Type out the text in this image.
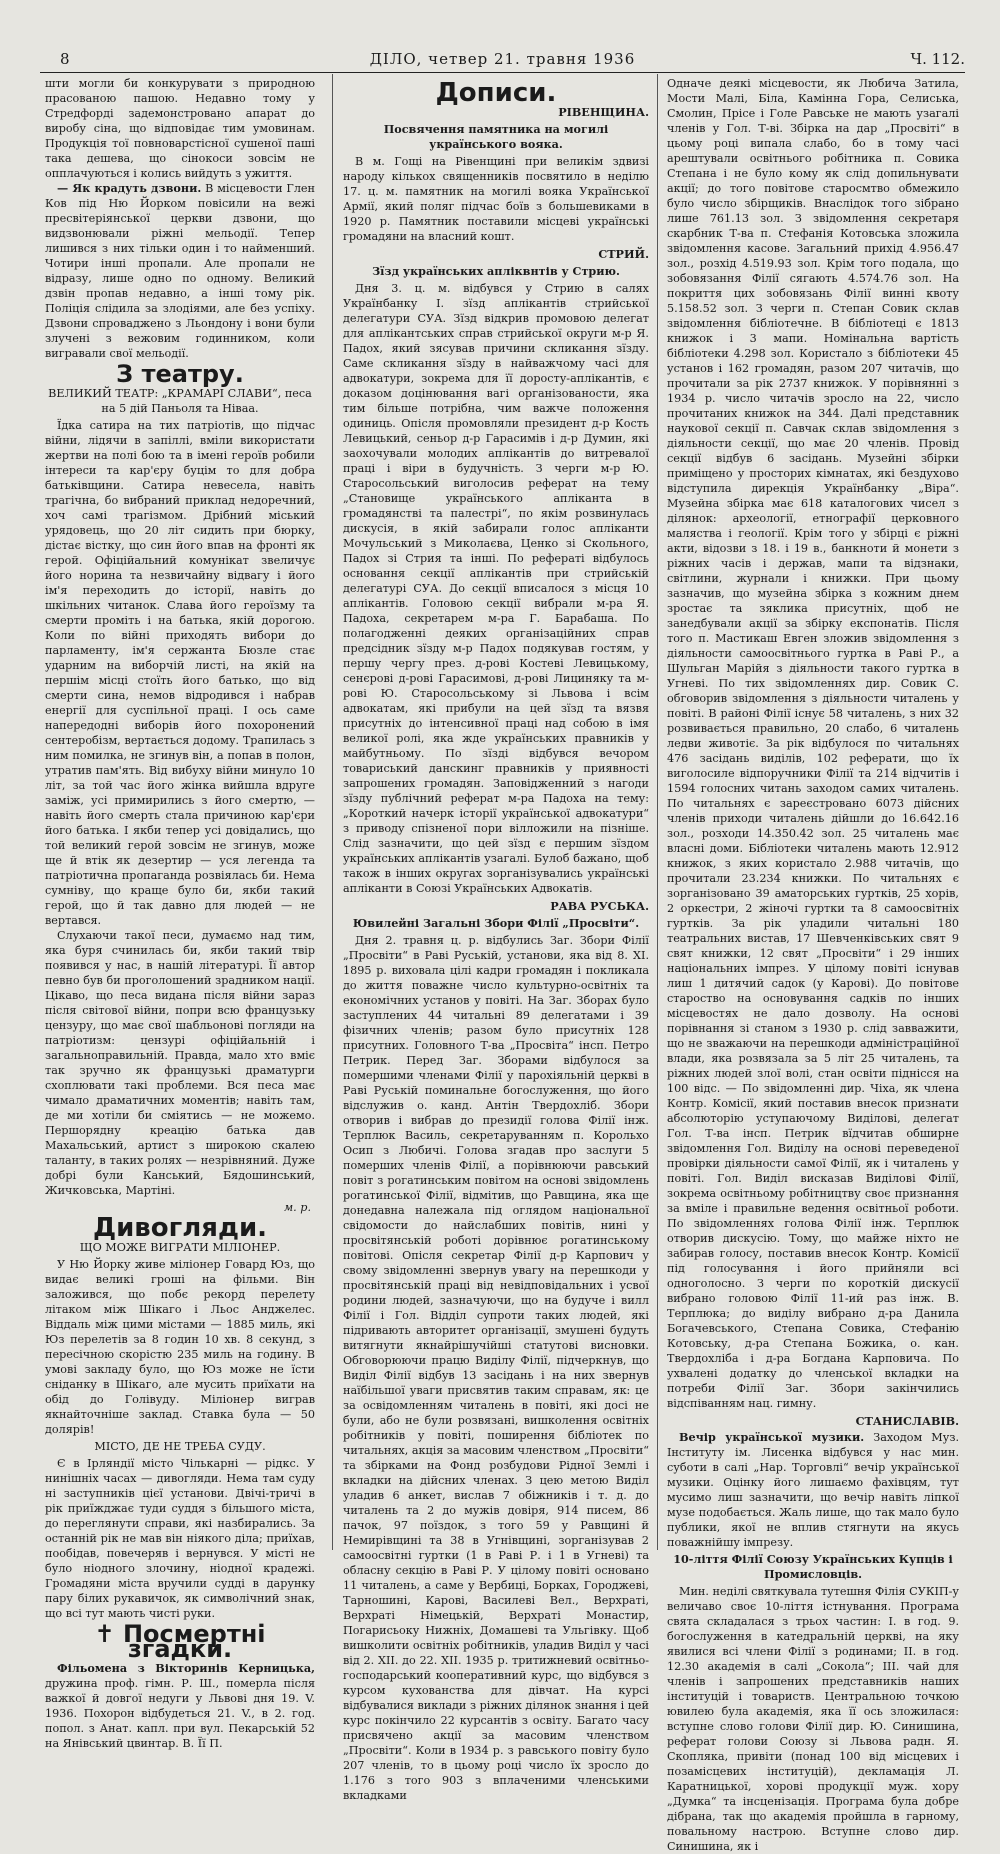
8	ДІЛО, четвер 21. травня 1936	Ч. 112.

шти могли би конкурувати з природною праcованою пашою. Недавно тому у Стредфорді задемонстровано апарат до виробу сіна, що відповідає тим умовинам. Продукція тої повноварстісної сушеної паші така дешева, що сінокоси зовсім не опплачуються і колись вийдуть з ужиття.

— Як крадуть дзвони. В місцевости Глен Ков під Ню Йорком повісили на вежі пресвітеріянської церкви дзвони, що видзвонювали ріжні мельодії. Тепер лишився з них тільки один і то найменший. Чотири інші пропали. Але пропали не відразу, лише одно по одному. Великий дзвін пропав недавно, а інші тому рік. Поліція слідила за злодіями, але без успіху. Дзвони спроваджено з Льондону і вони були злучені з вежовим годинником, коли вигравали свої мельодії.

З театру.
ВЕЛИКИЙ ТЕАТР: „КРАМАРІ СЛАВИ“, песа на 5 дій Паньоля та Ніваа.

Їдка сатира на тих патріотів, що підчас війни, лідячи в запіллі, вміли використати жертви на полі бою та в імені героїв робили інтереси та кар'єру буцім то для добра батьківщини. Сатира невесела, навіть трагічна, бо вибраний приклад недоречний, хоч самі трагізмом. Дрібний міський урядовець, що 20 літ сидить при бюрку, дістає вістку, що син його впав на фронті як герой. Офіційальний комунікат звеличує його норинa та незвичайну відвагу і його ім'я переходить до історії, навіть до шкільних читанок. Слава його героїзму та смерти проміть і на батька, якій дорогою. Коли по війні приходять вибори до парламенту, ім'я сержанта Бюзле стає ударним на виборчій листі, на якій на першім місці стоїть його батько, що від смерти сина, немов відродився і набрав енергії для суспільної праці. І ось саме напередодні виборів його похоронений сентеробізм, вертається додому. Трапилась з ним помилка, не згинув він, а попав в полон, утратив пам'ять. Від вибуху війни минуло 10 літ, за той час його жінка вийшла вдруге заміж, усі примирились з його смертю, — навіть його смерть стала причиною кар'єри його батька. І якби тепер усі довідались, що той великий герой зовсім не згинув, може ще й втік як дезертир — уся легенда та патріотична пропаганда розвіялась би. Нема сумніву, що краще було би, якби такий герой, що й так давно для людей — не вертався.

Слухаючи такої песи, думаємо над тим, яка буря счинилась би, якби такий твір появився у нас, в нашій літературі. Її автор певно був би проголошений зрадником нації. Цікаво, що песа видана після війни зараз після світової війни, попри всю французьку цензуру, що має свої шабльонові погляди на патріотизм: цензурі офіційальній і загальноправильній. Правда, мало хто вміє так зручно як французькі драматурги схоплювати такі проблеми. Вся песа має чимало драматичних моментів; навіть там, де ми хотіли би сміятись — не можемо. Першорядну креацію батька дав Махальський, артист з широкою скалею таланту, в таких ролях — незрівняний. Дуже добрі були Канський, Бядошинський, Жичковська, Мартіні.

м. р.
Дивогляди.
ЩО МОЖЕ ВИГРАТИ МІЛІОНЕР.

У Ню Йорку живе міліонер Говард Юз, що видає великі гроші на фільми. Він заложився, що побє рекорд перелету літаком між Шікаго і Льос Анджелес. Віддаль між цими містами — 1885 миль, які Юз перелетів за 8 годин 10 хв. 8 секунд, з пересічною скорістю 235 миль на годину. В умові закладу було, що Юз може не їсти сніданку в Шікаго, але мусить приїхати на обід до Голівуду. Міліонер виграв якнайточніше заклад. Ставка була — 50 долярів!

МІСТО, ДЕ НЕ ТРЕБА СУДУ.

Є в Ірляндії місто Чількарні — рідкс. У нинішніх часах — дивогляди. Нема там суду ні заступників цієї установи. Двічі-тричі в рік приїжджає туди суддя з більшого міста, до переглянути справи, які назбирались. За останній рік не мав він ніякого діла; приїхав, пообідав, повечеряв і вернувся. У місті не було ніодного злочину, ніодної крадежі. Громадяни міста вручили судді в дарунку пару білих рукавичок, як символічний знак, що всі тут мають чисті руки.

✝ Посмертні згадки.

Фільомена з Вікторинів Керницька, дружина проф. гімн. Р. Ш., померла після важкої й довгої недуги у Львові дня 19. V. 1936. Похорон відбудеться 21. V., в 2. год. попол. з Анат. капл. при вул. Пекарській 52 на Янівський цвинтар. В. Її П.

Дописи.
РІВЕНЩИНА.
Посвячення памятника на могилі українського вояка.

В м. Гощі на Рівенщині при великім здвизі народу кількох священників посвятило в неділю 17. ц. м. памятник на могилі вояка Української Армії, який поляг підчас боїв з большевиками в 1920 р. Памятник поставили місцеві українські громадяни на власний кошт.

СТРИЙ.
Зїзд українських апліквнтів у Стрию.

Дня 3. ц. м. відбувся у Стрию в салях Українбанку І. зїзд аплікантів стрийської делегатури СУА. Зїзд відкрив промовою делегат для аплікантських справ стрийської округи м-р Я. Падох, який зясував причини скликання зїзду. Саме скликання зїзду в найважчому часі для адвокатури, зокрема для її доросту-аплікантів, є доказом доцінювання вагі організованости, яка тим більше потрібна, чим важче положення одиниць. Опісля промовляли президент д-р Кость Левицький, сеньор д-р Гарасимів і д-р Думин, які заохочували молодих аплікантів до витревалої праці і віри в будучність. З черги м-р Ю. Старосольський виголосив реферат на тему „Становище українського апліканта в громадянстві та палестрі“, по якім розвинулась дискусія, в якій забирали голос апліканти Мочульський з Миколаєва, Ценко зі Скольного, Падох зі Стрия та інші. По рефераті відбулось основання секції аплікантів при стрийській делегатурі СУА. До секції вписалося з місця 10 аплікантів. Головою секції вибрали м-ра Я. Падоха, секретарем м-ра Г. Барабаша. По полагодженні деяких організаційних справ предсідник зїзду м-р Падох подякував гостям, у першу чергу през. д-рові Костеві Левицькому, сенєрові д-рові Гарасимові, д-рові Лициняку та м-рові Ю. Старосольському зі Львова і всім адвокатам, які прибули на цей зїзд та вязвя присутніх до інтенсивної праці над собою в імя великої ролі, яка жде українських правників у майбутньому. По зїзді відбувся вечором товариський данскинг правників у приявності запрошених громадян. Заповідженний з нагоди зїзду публічний реферат м-ра Падоха на тему: „Короткий начерк історії української адвокатури“ з приводу спізненої пори вілложили на пізніше. Слід зазначити, що цей зїзд є першим зїздом українських аплікантів узагалі. Булоб бажано, щоб також в інших округах зорганізувались українські апліканти в Союзі Українських Адвокатів.

РАВА РУСЬКА.
Ювилейні Загальні Збори Філії „Просвіти“.

Дня 2. травня ц. р. відбулись Заг. Збори Філії „Просвіти“ в Раві Руській, установи, яка від 8. XI. 1895 р. виховала цілі кадри громадян і покликала до життя поважне число культурно-освітніх та економічних установ у повіті. На Заг. Зборах було заступлених 44 читальні 89 делегатами і 39 фізичних членів; разом було присутніх 128 присутних. Головного Т-ва „Просвіта“ інсп. Петро Петрик. Перед Заг. Зборами відбулося за помершими членами Філії у парохіяльній церкві в Раві Руській поминальне богослуження, що його відслужив о. канд. Антін Твердохліб. Збори отворив і вибрав до президії голова Філії інж. Терплюк Василь, секретаруванням п. Корольхо Осип з Любичі. Голова згадав про заслуги 5 померших членів Філії, а порівнюючи равський повіт з рогатинським повітом на основі звідомлень рогатинської Філії, відмітив, що Равщина, яка ще донедавна належала під оглядом національної свідомости до найслабших повітів, нині у просвітянській роботі дорівнює рогатинському повітові. Опісля секретар Філії д-р Карпович у свому звідомленні звернув увагу на перешкоди у просвітянській праці від невідповідальних і усвої родини людей, зазначуючи, що на будуче і вилл Філії і Гол. Відділ супроти таких людей, які підривають авторитет організації, змушені будуть витягнути якнайрішучійші статутові висновки. Обговорюючи працю Виділу Філії, підчеркнув, що Виділ Філії відбув 13 засідань і на них звернув наїбільшої уваги присвятив таким справам, як: це за освідомленням читалень в повіті, які досі не були, або не були розвязані, вишколення освітніх робітників у повіті, поширення бібліотек по читальнях, акція за масовим членством „Просвіти“ та збірками на Фонд розбудови Рідної Землі і вкладки на дійсних членах. З цею метою Виділ уладив 6 анкет, вислав 7 обіжників і т. д. до читалень та 2 до мужів довіря, 914 писем, 86 пачок, 97 поїздок, з того 59 у Равщині й Немирівщині та 38 в Угнівщині, зорганізував 2 самоосвітні гуртки (1 в Раві Р. і 1 в Угневі) та обласну секцію в Раві Р. У цілому повіті основано 11 читалень, а саме у Вербиці, Борках, Городжеві, Тарношині, Карові, Василеві Вел., Верхраті, Верхраті Німецькій, Верхраті Монастир, Погарисьоку Нижніх, Домашеві та Ульгівку. Щоб вишколити освітніх робітників, уладив Виділ у часі від 2. XII. до 22. XII. 1935 р. тритижневий освітньо-господарський кооперативний курс, що відбувся з курсом кухованства для дівчат. На курсі відбувалися виклади з ріжних ділянок знання і цей курс покінчило 22 курсантів з освіту. Багато часу присвячено акції за масовим членством „Просвіти“. Коли в 1934 р. з равського повіту було 207 членів, то в цьому році число їх зросло до 1.176 з того 903 з вплаченими членськими вкладками

Одначе деякі місцевости, як Любича Затила, Мости Малі, Біла, Камінна Гора, Селиська, Смолин, Прісе і Голе Равське не мають узагалі членів у Гол. Т-ві. Збірка на дар „Просвіті“ в цьому році випала слабо, бо в тому часі арештували освітнього робітника п. Совика Степана і не було кому як слід допильнувати акції; до того повітове старосмтво обмежило було число збірщиків. Внаслідок того зібрано лише 761.13 зол. З звідомлення секретаря скарбник Т-ва п. Стефанія Котовська зложила звідомлення касове. Загальний прихід 4.956.47 зол., розхід 4.519.93 зол. Крім того подала, що зобовязання Філії сягають 4.574.76 зол. На покриття цих зобовязань Філії винні квоту 5.158.52 зол. З черги п. Степан Совик склав звідомлення бібліотечне. В бібліотеці є 1813 книжок і 3 мапи. Номінальна вартість бібліотеки 4.298 зол. Користало з бібліотеки 45 установ і 162 громадян, разом 207 читачів, що прочитали за рік 2737 книжок. У порівнянні з 1934 р. число читачів зросло на 22, число прочитаних книжок на 344. Далі представник наукової секції п. Савчак склав звідомлення з діяльности секції, що має 20 членів. Провід секції відбув 6 засідань. Музейні збірки приміщено у просторих кімнатах, які бездухово відступила дирекція Українбанку „Віра“. Музейна збірка має 618 каталогових чисел з ділянок: археології, етнографії церковного маляства і геології. Крім того у збірці є ріжні акти, відозви з 18. і 19 в., банкноти й монети з ріжних часів і держав, мапи та відзнаки, світлини, журнали і книжки. При цьому зазначив, що музейна збірка з кожним днем зростає та зяклика присутніх, щоб не занедбували акції за збірку експонатів. Після того п. Мастикаш Евген зложив звідомлення з діяльности самоосвітнього гуртка в Раві Р., а Шульган Марійя з діяльности такого гуртка в Угневі. По тих звідомленнях дир. Совик С. обговорив звідомлення з діяльности читалень у повіті. В районі Філії існує 58 читалень, з них 32 розвивається правильно, 20 слабо, 6 читалень ледви животіє. За рік відбулося по читальнях 476 засідань виділів, 102 реферати, що їх виголосиле відпоручники Філії та 214 відчитів і 1594 голосних читань заходом самих читалень. По читальнях є зареєстровано 6073 дійсних членів приходи читалень дійшли до 16.642.16 зол., розходи 14.350.42 зол. 25 читалень має власні доми. Бібліотеки читалень мають 12.912 книжок, з яких користало 2.988 читачів, що прочитали 23.234 книжки. По читальнях є зорганізовано 39 аматорських гуртків, 25 хорів, 2 оркестри, 2 жіночі гуртки та 8 самоосвітніх гуртків. За рік уладили читальні 180 театральних вистав, 17 Шевченківських свят 9 свят книжки, 12 свят „Просвіти“ і 29 інших національних імпрез. У цілому повіті існував лиш 1 дитячий садок (у Карові). До повітове староство на основування садків по інших місцевостях не дало дозволу. На основі порівнання зі станом з 1930 р. слід завважити, що не зважаючи на перешкоди адміністраційної влади, яка розвязала за 5 літ 25 читалень, та ріжних людей злої волі, стан освіти піднісся на 100 відс. — По звідомленні дир. Чіха, як членa Контр. Комісії, який поставив внесок признати абсолюторію уступаючому Виділові, делегат Гол. Т-ва інсп. Петрик вїдчитав обширне звідомлення Гол. Виділу на основі переведеної провірки діяльности самої Філії, як і читалень у повіті. Гол. Виділ висказав Виділові Філії, зокрема освітньому робітництву своє признання за вміле і правильне ведення освітньої роботи. По звідомленнях голова Філії інж. Терплюк отворив дискусію. Тому, що майже ніхто не забирав голосу, поставив внесок Контр. Комісії під голосування і його прийняли всі одноголосно. З черги по короткій дискусії вибрано головою Філії 11-ий раз інж. В. Терплюка; до виділу вибрано д-ра Данила Богачевського, Степана Совика, Стефанію Котовську, д-ра Степана Божика, о. кан. Твердохліба і д-ра Богдана Карповича. По ухвалені додатку до членської вкладки на потреби Філії Заг. Збори закінчились відспіванням нац. гимну.

СТАНИСЛАВІВ.

Вечір української музики. Заходом Муз. Інституту ім. Лисенка відбувся у нас мин. суботи в салі „Нар. Торговлі“ вечір української музики. Оцінку його лишаємо фахівцям, тут мусимо лиш зазначити, що вечір навіть ліпкої музе подобається. Жаль лише, що так мало було публики, якої не вплив стягнути на якусь поважнійшу імпрезу.

10-ліття Філії Союзу Українських Купців і Промисловців.

Мин. неділі святкувала тутешня Філія СУКІП-у величаво своє 10-ліття істнування. Програма свята складалася з трьох частин: І. в год. 9. богослуження в катедральній церкві, на яку явилися всі члени Філії з родинами; II. в год. 12.30 академія в салі „Сокола“; III. чай для членів і запрошених представників наших інституцій і товариств. Центральною точкою ювилею була академія, яка її ось зложилася: вступне слово голови Філії дир. Ю. Синишина, реферат голови Союзу зі Львова радн. Я. Скопляка, привіти (понад 100 від місцевих і позамісцевих інституцій), декламація Л. Каратницької, хорові продукції муж. хору „Думка“ та інсценізація. Програма була добре дібрана, так що академія пройшла в гарному, повальному настрою. Вступне слово дир. Синишина, як і
